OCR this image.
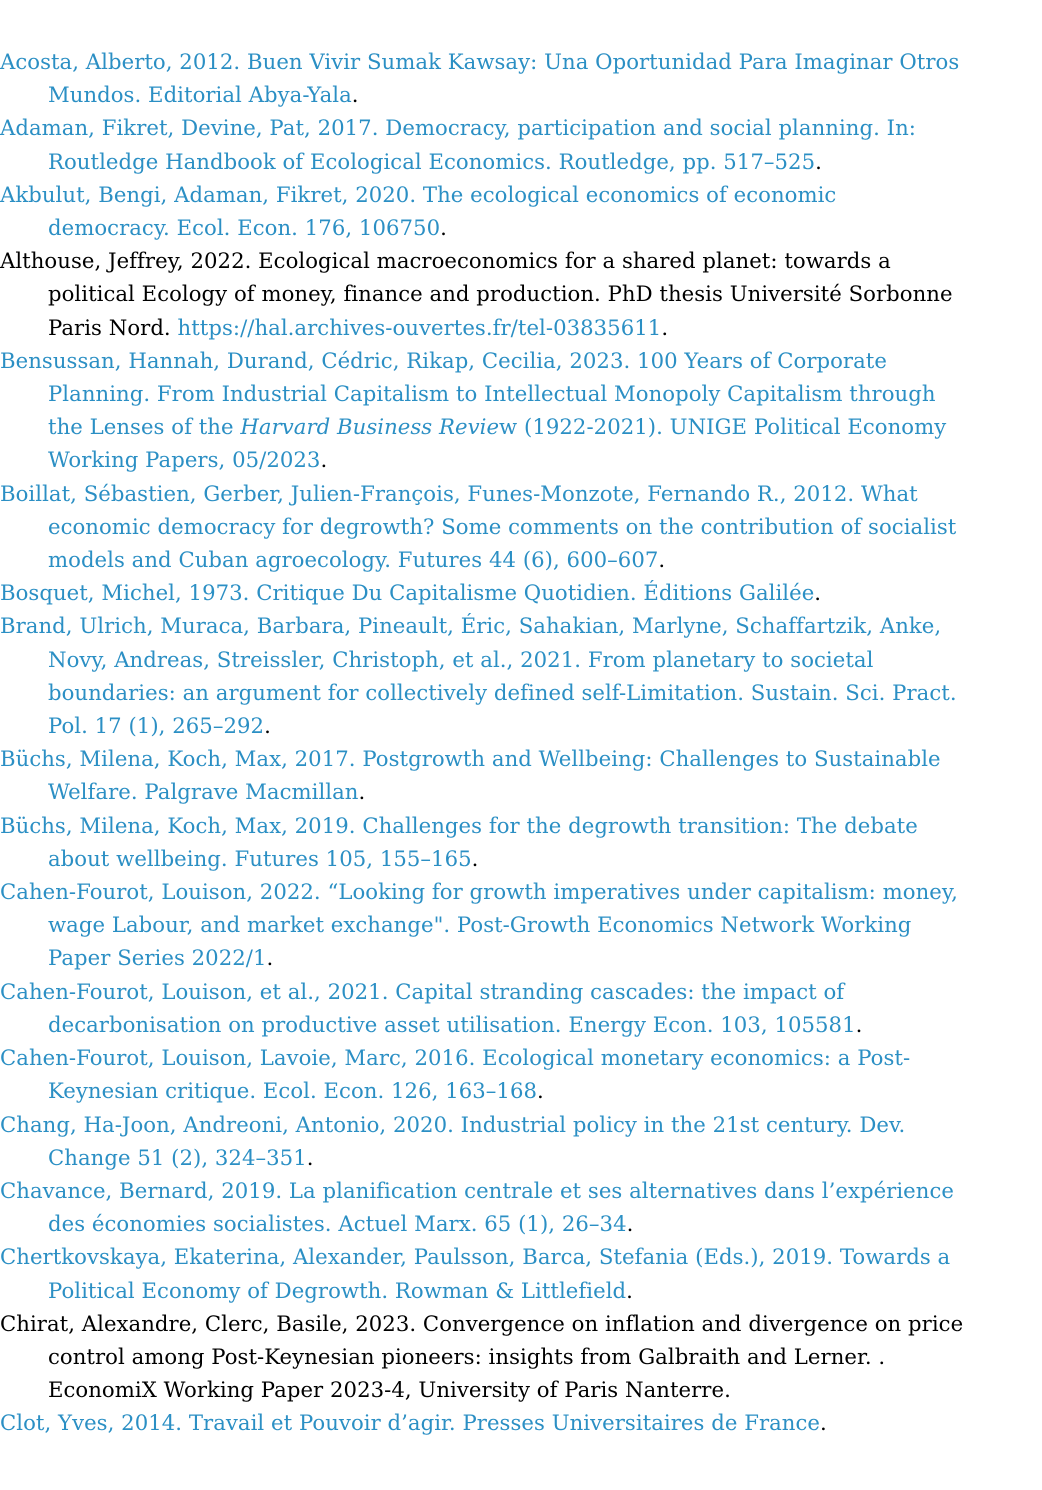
Acosta, Alberto, 2012. Buen Vivir Sumak Kawsay: Una Oportunidad Para Imaginar Otros
Mundos. Editorial Abya-Yala.
Adaman, Fikret, Devine, Pat, 2017. Democracy, participation and social planning. In:
Routledge Handbook of Ecological Economics. Routledge, pp. 517–525.
Akbulut, Bengi, Adaman, Fikret, 2020. The ecological economics of economic
democracy. Ecol. Econ. 176, 106750.
Althouse, Jeffrey, 2022. Ecological macroeconomics for a shared planet: towards a
political Ecology of money, finance and production. PhD thesis Université Sorbonne
Paris Nord. https://hal.archives-ouvertes.fr/tel-03835611.
Bensussan, Hannah, Durand, Cédric, Rikap, Cecilia, 2023. 100 Years of Corporate
Planning. From Industrial Capitalism to Intellectual Monopoly Capitalism through
the Lenses of the Harvard Business Review (1922-2021). UNIGE Political Economy
Working Papers, 05/2023.
Boillat, Sébastien, Gerber, Julien-François, Funes-Monzote, Fernando R., 2012. What
economic democracy for degrowth? Some comments on the contribution of socialist
models and Cuban agroecology. Futures 44 (6), 600–607.
Bosquet, Michel, 1973. Critique Du Capitalisme Quotidien. Éditions Galilée.
Brand, Ulrich, Muraca, Barbara, Pineault, Éric, Sahakian, Marlyne, Schaffartzik, Anke,
Novy, Andreas, Streissler, Christoph, et al., 2021. From planetary to societal
boundaries: an argument for collectively defined self-Limitation. Sustain. Sci. Pract.
Pol. 17 (1), 265–292.
Büchs, Milena, Koch, Max, 2017. Postgrowth and Wellbeing: Challenges to Sustainable
Welfare. Palgrave Macmillan.
Büchs, Milena, Koch, Max, 2019. Challenges for the degrowth transition: The debate
about wellbeing. Futures 105, 155–165.
Cahen-Fourot, Louison, 2022. “Looking for growth imperatives under capitalism: money,
wage Labour, and market exchange". Post-Growth Economics Network Working
Paper Series 2022/1.
Cahen-Fourot, Louison, et al., 2021. Capital stranding cascades: the impact of
decarbonisation on productive asset utilisation. Energy Econ. 103, 105581.
Cahen-Fourot, Louison, Lavoie, Marc, 2016. Ecological monetary economics: a Post-
Keynesian critique. Ecol. Econ. 126, 163–168.
Chang, Ha-Joon, Andreoni, Antonio, 2020. Industrial policy in the 21st century. Dev.
Change 51 (2), 324–351.
Chavance, Bernard, 2019. La planification centrale et ses alternatives dans l’expérience
des économies socialistes. Actuel Marx. 65 (1), 26–34.
Chertkovskaya, Ekaterina, Alexander, Paulsson, Barca, Stefania (Eds.), 2019. Towards a
Political Economy of Degrowth. Rowman & Littlefield.
Chirat, Alexandre, Clerc, Basile, 2023. Convergence on inflation and divergence on price
control among Post-Keynesian pioneers: insights from Galbraith and Lerner. .
EconomiX Working Paper 2023-4, University of Paris Nanterre.
Clot, Yves, 2014. Travail et Pouvoir d’agir. Presses Universitaires de France.
